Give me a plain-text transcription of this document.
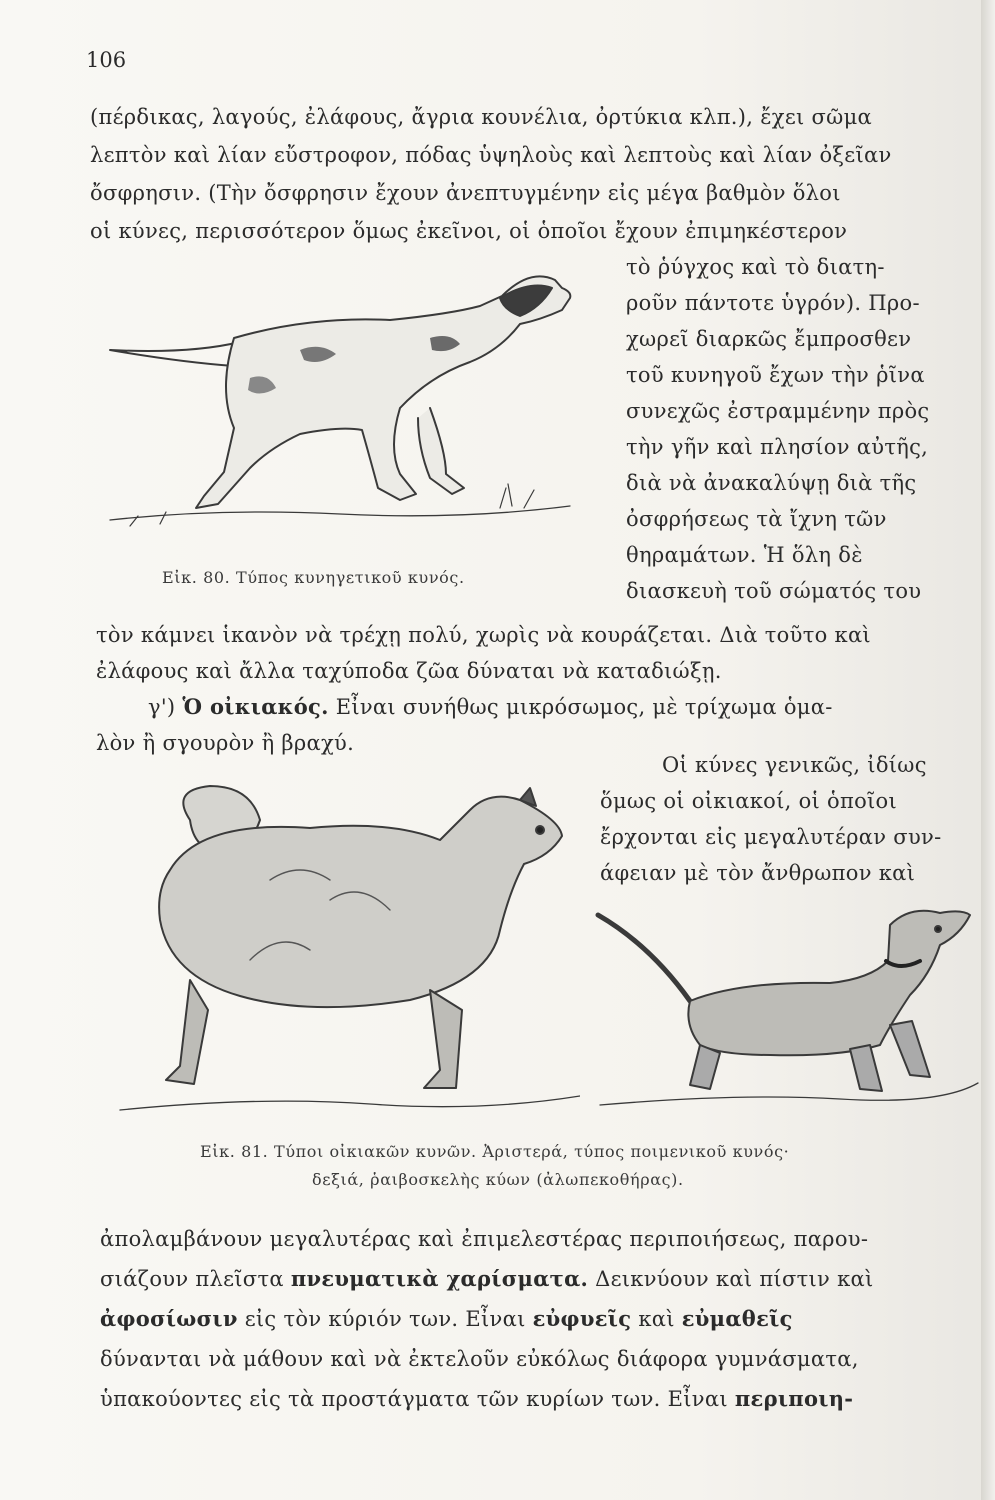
106
(πέρδικας, λαγούς, ἐλάφους, ἄγρια κουνέλια, ὀρτύκια κλπ.), ἔχει σῶμα
λεπτὸν καὶ λίαν εὔστροφον, πόδας ὑψηλοὺς καὶ λεπτοὺς καὶ λίαν ὀξεῖαν
ὄσφρησιν. (Τὴν ὄσφρησιν ἔχουν ἀνεπτυγμένην εἰς μέγα βαθμὸν ὅλοι
οἱ κύνες, περισσότερον ὅμως ἐκεῖνοι, οἱ ὁποῖοι ἔχουν ἐπιμηκέστερον
τὸ ῥύγχος καὶ τὸ διατη-
ροῦν πάντοτε ὑγρόν). Προ-
χωρεῖ διαρκῶς ἔμπροσθεν
τοῦ κυνηγοῦ ἔχων τὴν ῥῖνα
συνεχῶς ἐστραμμένην πρὸς
τὴν γῆν καὶ πλησίον αὐτῆς,
διὰ νὰ ἀνακαλύψῃ διὰ τῆς
ὀσφρήσεως τὰ ἴχνη τῶν
θηραμάτων. Ἡ ὅλη δὲ
διασκευὴ τοῦ σώματός του
Εἰκ. 80. Τύπος κυνηγετικοῦ κυνός.
τὸν κάμνει ἱκανὸν νὰ τρέχῃ πολύ, χωρὶς νὰ κουράζεται. Διὰ τοῦτο καὶ
ἐλάφους καὶ ἄλλα ταχύποδα ζῶα δύναται νὰ καταδιώξῃ.
γ') Ὁ οἰκιακός. Εἶναι συνήθως μικρόσωμος, μὲ τρίχωμα ὁμα-
λὸν ἢ σγουρὸν ἢ βραχύ.
Οἱ κύνες γενικῶς, ἰδίως
ὅμως οἱ οἰκιακοί, οἱ ὁποῖοι
ἔρχονται εἰς μεγαλυτέραν συν-
άφειαν μὲ τὸν ἄνθρωπον καὶ
Εἰκ. 81. Τύποι οἰκιακῶν κυνῶν. Ἀριστερά, τύπος ποιμενικοῦ κυνός·
δεξιά, ῥαιβοσκελὴς κύων (ἀλωπεκοθήρας).
ἀπολαμβάνουν μεγαλυτέρας καὶ ἐπιμελεστέρας περιποιήσεως, παρου-
σιάζουν πλεῖστα πνευματικὰ χαρίσματα. Δεικνύουν καὶ πίστιν καὶ
ἀφοσίωσιν εἰς τὸν κύριόν των. Εἶναι εὐφυεῖς καὶ εὐμαθεῖς
δύνανται νὰ μάθουν καὶ νὰ ἐκτελοῦν εὐκόλως διάφορα γυμνάσματα,
ὑπακούοντες εἰς τὰ προστάγματα τῶν κυρίων των. Εἶναι περιποιη-
